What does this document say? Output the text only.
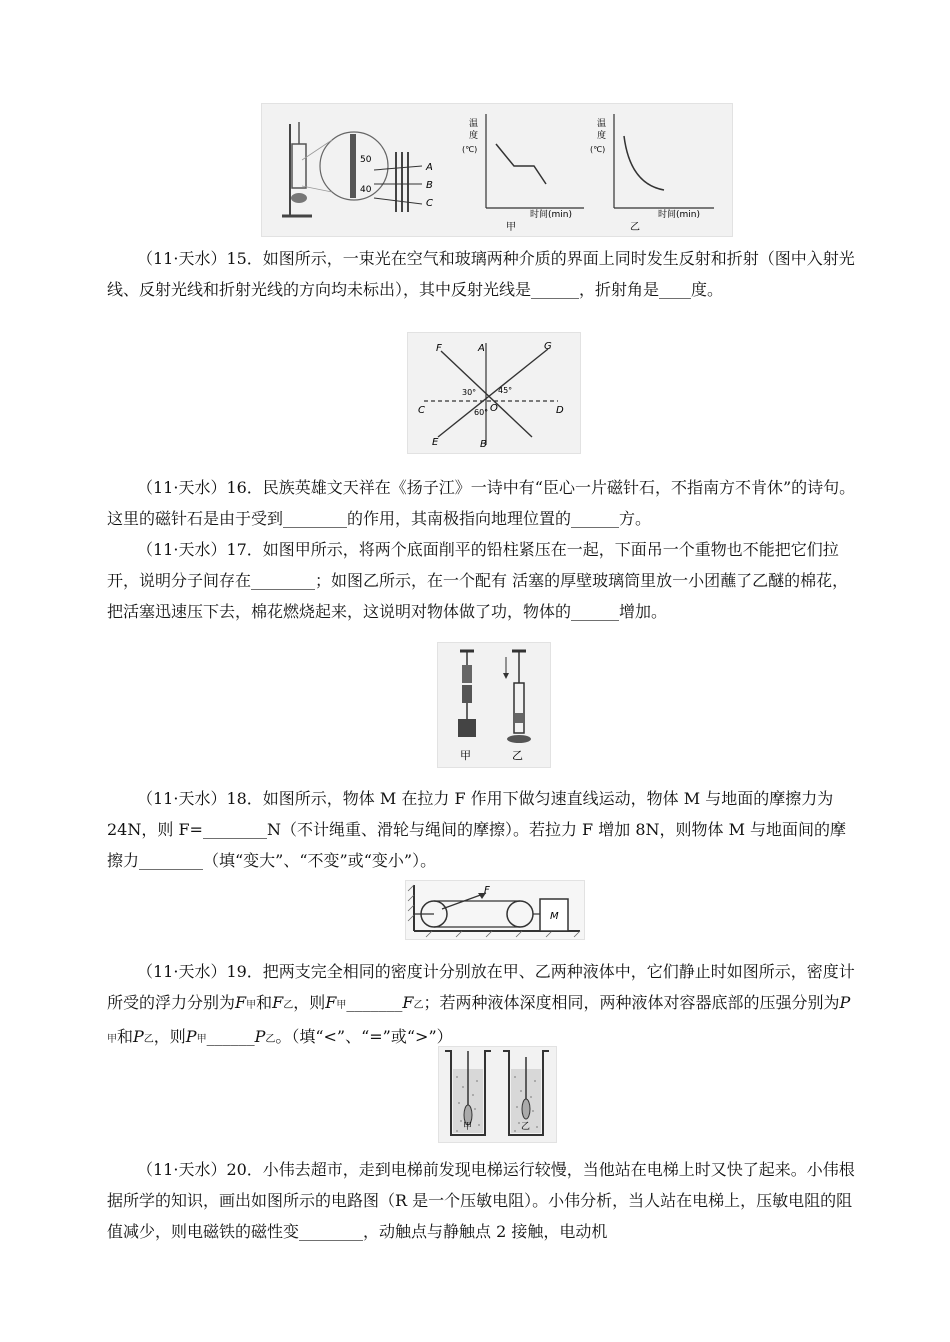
50
40
A
B
C
温
度
(℃)
时间(min)
甲
温
度
(℃)
时间(min)
乙

（11·天水）15．如图所示，一束光在空气和玻璃两种介质的界面上同时发生反射和折射（图中入射光线、反射光线和折射光线的方向均未标出），其中反射光线是______，折射角是____度。

F	A	G
C	O	D
E	B
30°	45°
60°

（11·天水）16．民族英雄文天祥在《扬子江》一诗中有“臣心一片磁针石，不指南方不肯休”的诗句。这里的磁针石是由于受到________的作用，其南极指向地理位置的______方。

（11·天水）17．如图甲所示，将两个底面削平的铅柱紧压在一起，下面吊一个重物也不能把它们拉开，说明分子间存在________；如图乙所示，在一个配有 活塞的厚壁玻璃筒里放一小团蘸了乙醚的棉花，把活塞迅速压下去，棉花燃烧起来，这说明对物体做了功，物体的______增加。

甲	乙

（11·天水）18．如图所示，物体 M 在拉力 F 作用下做匀速直线运动，物体 M 与地面的摩擦力为 24N，则 F=________N（不计绳重、滑轮与绳间的摩擦）。若拉力 F 增加 8N，则物体 M 与地面间的摩擦力________（填“变大”、“不变”或“变小”）。

F
M

（11·天水）19．把两支完全相同的密度计分别放在甲、乙两种液体中，它们静止时如图所示，密度计所受的浮力分别为F甲和F乙，则F甲_______F乙；若两种液体深度相同，两种液体对容器底部的压强分别为P甲和P乙，则P甲______P乙。（填“<”、“=”或“>”）

甲	乙

（11·天水）20．小伟去超市，走到电梯前发现电梯运行较慢，当他站在电梯上时又快了起来。小伟根据所学的知识，画出如图所示的电路图（R 是一个压敏电阻）。小伟分析，当人站在电梯上，压敏电阻的阻值减少，则电磁铁的磁性变________，动触点与静触点 2 接触，电动机
